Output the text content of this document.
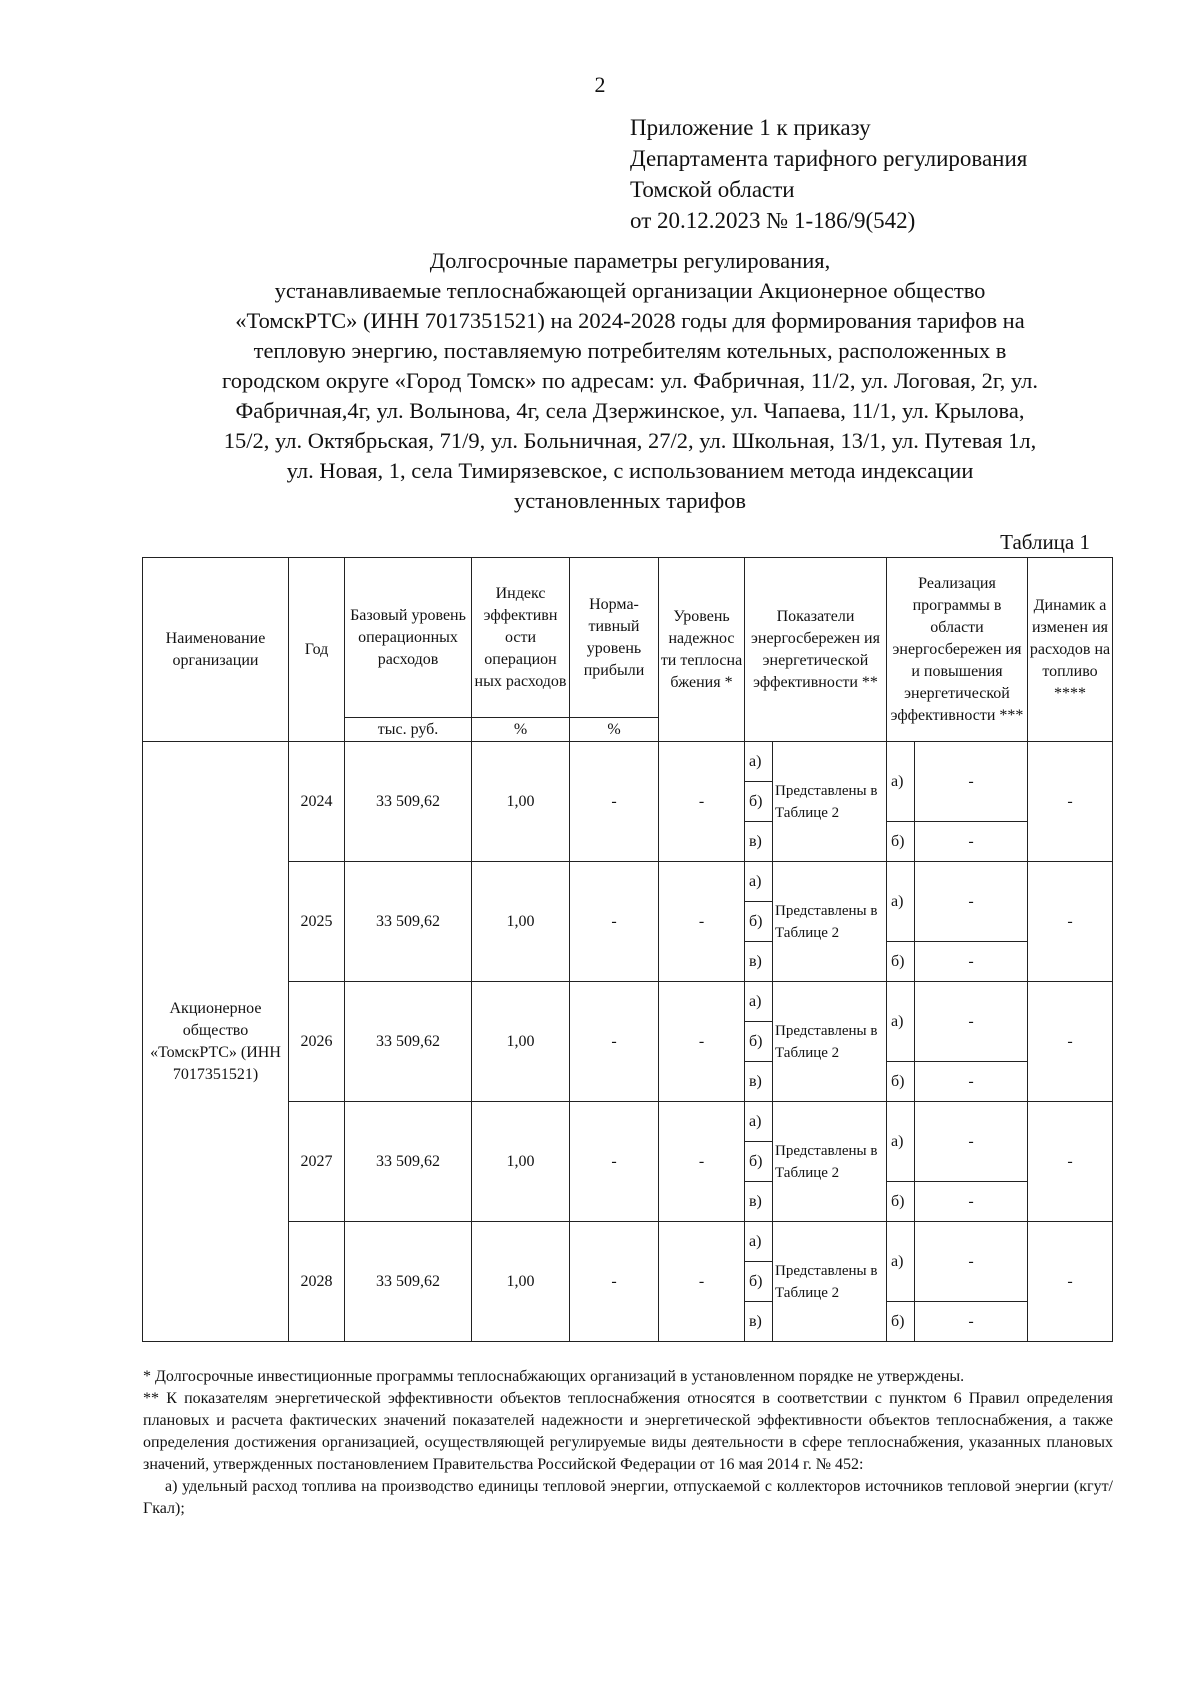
2
Приложение 1 к приказу
Департамента тарифного регулирования
Томской области
от 20.12.2023 № 1-186/9(542)
Долгосрочные параметры регулирования,
устанавливаемые теплоснабжающей организации Акционерное общество
«ТомскРТС» (ИНН 7017351521) на 2024-2028 годы для формирования тарифов на
тепловую энергию, поставляемую потребителям котельных, расположенных в
городском округе «Город Томск» по адресам: ул. Фабричная, 11/2, ул. Логовая, 2г, ул.
Фабричная,4г, ул. Волынова, 4г, села Дзержинское, ул. Чапаева, 11/1, ул. Крылова,
15/2, ул. Октябрьская, 71/9, ул. Больничная, 27/2, ул. Школьная, 13/1, ул. Путевая 1л,
ул. Новая, 1, села Тимирязевское, с использованием метода индексации
установленных тарифов
Таблица 1
Наименование организации	Год	Базовый уровень операционных расходов	Индекс эффективн ости операцион ных расходов	Норма- тивный уровень прибыли	Уровень надежнос ти теплосна бжения *	Показатели энергосбережен ия энергетической эффективности **		Реализация программы в области энергосбережен ия и повышения энергетической эффективности ***		Динамик а изменен ия расходов на топливо ****
		тыс. руб.	%	%						
Акционерное общество «ТомскРТС» (ИНН 7017351521)	2024	33 509,62	1,00	-	-	а)	Представлены в Таблице 2	а)	-	-
						б)				
						в)		б)	-	
	2025	33 509,62	1,00	-	-	а)	Представлены в Таблице 2	а)	-	-
						б)				
						в)		б)	-	
	2026	33 509,62	1,00	-	-	а)	Представлены в Таблице 2	а)	-	-
						б)				
						в)		б)	-	
	2027	33 509,62	1,00	-	-	а)	Представлены в Таблице 2	а)	-	-
						б)				
						в)		б)	-	
	2028	33 509,62	1,00	-	-	а)	Представлены в Таблице 2	а)	-	-
						б)				
						в)		б)	-	

* Долгосрочные инвестиционные программы теплоснабжающих организаций в установленном порядке не утверждены.

** К показателям энергетической эффективности объектов теплоснабжения относятся в соответствии с пунктом 6 Правил определения плановых и расчета фактических значений показателей надежности и энергетической эффективности объектов теплоснабжения, а также определения достижения организацией, осуществляющей регулируемые виды деятельности в сфере теплоснабжения, указанных плановых значений, утвержденных постановлением Правительства Российской Федерации от 16 мая 2014 г. № 452:

а) удельный расход топлива на производство единицы тепловой энергии, отпускаемой с коллекторов источников тепловой энергии (кгут/Гкал);
